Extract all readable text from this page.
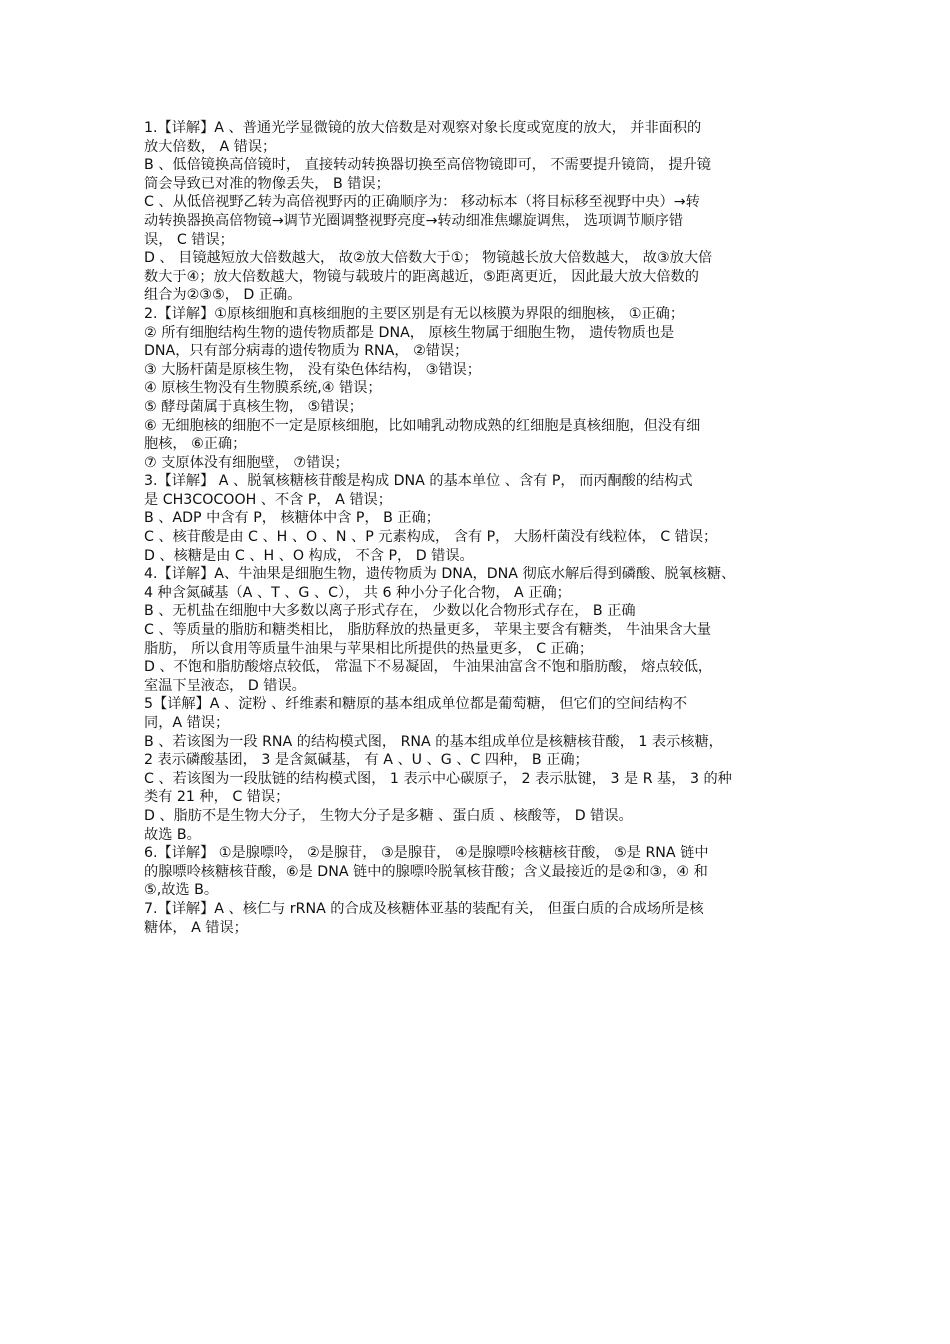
1.【详解】A 、普通光学显微镜的放大倍数是对观察对象长度或宽度的放大， 并非面积的
放大倍数， A 错误；
B 、低倍镜换高倍镜时， 直接转动转换器切换至高倍物镜即可， 不需要提升镜筒， 提升镜
筒会导致已对准的物像丢失， B 错误；
C 、从低倍视野乙转为高倍视野丙的正确顺序为： 移动标本（将目标移至视野中央）→转
动转换器换高倍物镜→调节光圈调整视野亮度→转动细准焦螺旋调焦， 选项调节顺序错
误， C 错误；
D 、 目镜越短放大倍数越大， 故②放大倍数大于①； 物镜越长放大倍数越大， 故③放大倍
数大于④；放大倍数越大，物镜与载玻片的距离越近，⑤距离更近， 因此最大放大倍数的
组合为②③⑤， D 正确。
2.【详解】①原核细胞和真核细胞的主要区别是有无以核膜为界限的细胞核， ①正确；
② 所有细胞结构生物的遗传物质都是 DNA， 原核生物属于细胞生物， 遗传物质也是
DNA，只有部分病毒的遗传物质为 RNA， ②错误；
③ 大肠杆菌是原核生物， 没有染色体结构， ③错误；
④ 原核生物没有生物膜系统,④ 错误；
⑤ 酵母菌属于真核生物， ⑤错误；
⑥ 无细胞核的细胞不一定是原核细胞，比如哺乳动物成熟的红细胞是真核细胞，但没有细
胞核， ⑥正确；
⑦ 支原体没有细胞壁， ⑦错误；
3.【详解】 A 、脱氧核糖核苷酸是构成 DNA 的基本单位 、含有 P， 而丙酮酸的结构式
是 CH3COCOOH 、不含 P， A 错误；
B 、ADP 中含有 P， 核糖体中含 P， B 正确；
C 、核苷酸是由 C 、H 、O 、N 、P 元素构成， 含有 P， 大肠杆菌没有线粒体， C 错误；
D 、核糖是由 C 、H 、O 构成， 不含 P， D 错误。
4.【详解】A、牛油果是细胞生物，遗传物质为 DNA，DNA 彻底水解后得到磷酸、脱氧核糖、
4 种含氮碱基（A 、T 、G 、C）， 共 6 种小分子化合物， A 正确；
B 、无机盐在细胞中大多数以离子形式存在， 少数以化合物形式存在， B 正确
C 、等质量的脂肪和糖类相比， 脂肪释放的热量更多， 苹果主要含有糖类， 牛油果含大量
脂肪， 所以食用等质量牛油果与苹果相比所提供的热量更多， C 正确；
D 、不饱和脂肪酸熔点较低， 常温下不易凝固， 牛油果油富含不饱和脂肪酸， 熔点较低，
室温下呈液态， D 错误。
5【详解】A 、淀粉 、纤维素和糖原的基本组成单位都是葡萄糖， 但它们的空间结构不
同，A 错误；
B 、若该图为一段 RNA 的结构模式图， RNA 的基本组成单位是核糖核苷酸， 1 表示核糖，
2 表示磷酸基团， 3 是含氮碱基， 有 A 、U 、G 、C 四种， B 正确；
C 、若该图为一段肽链的结构模式图， 1 表示中心碳原子， 2 表示肽键， 3 是 R 基， 3 的种
类有 21 种， C 错误；
D 、脂肪不是生物大分子， 生物大分子是多糖 、蛋白质 、核酸等， D 错误。
故选 B。
6.【详解】 ①是腺嘌呤， ②是腺苷， ③是腺苷， ④是腺嘌呤核糖核苷酸， ⑤是 RNA 链中
的腺嘌呤核糖核苷酸，⑥是 DNA 链中的腺嘌呤脱氧核苷酸；含义最接近的是②和③，④ 和
⑤,故选 B。
7.【详解】A 、核仁与 rRNA 的合成及核糖体亚基的装配有关， 但蛋白质的合成场所是核
糖体， A 错误；
